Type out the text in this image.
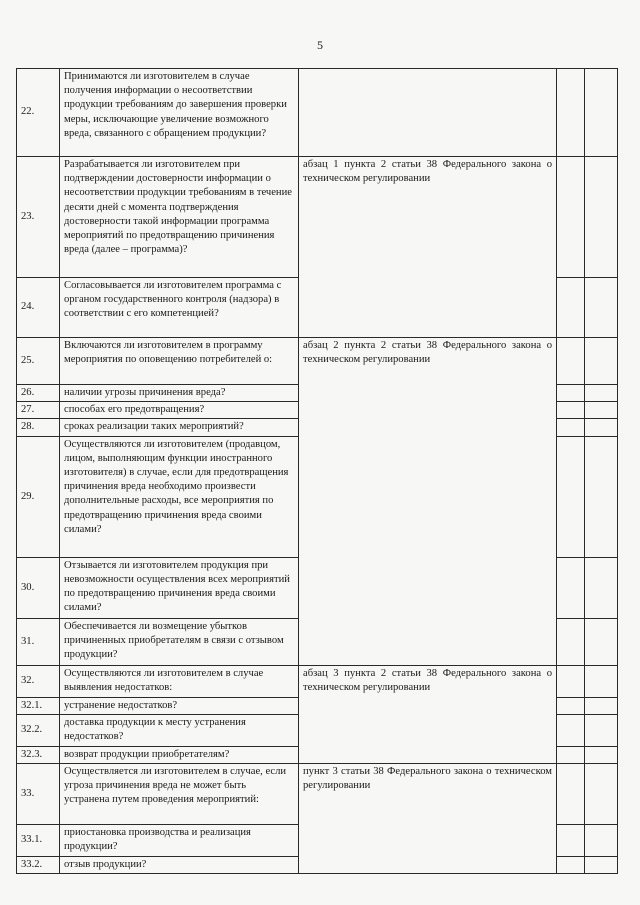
5
22.	Принимаются ли изготовителем в случае получения информации о несоответствии продукции требованиям до завершения проверки меры, исключающие увеличение возможного вреда, связанного с обращением продукции?			
23.	Разрабатывается ли изготовителем при подтверждении достоверности информации о несоответствии продукции требованиям в течение десяти дней с момента подтверждения достоверности такой информации программа мероприятий по предотвращению причинения вреда (далее – программа)?	абзац 1 пункта 2 статьи 38 Федерального закона о техническом регулировании		
24.	Согласовывается ли изготовителем программа с органом государственного контроля (надзора) в соответствии с его компетенцией?			
25.	Включаются ли изготовителем в программу мероприятия по оповещению потребителей о:	абзац 2 пункта 2 статьи 38 Федерального закона о техническом регулировании		
26.	наличии угрозы причинения вреда?			
27.	способах его предотвращения?			
28.	сроках реализации таких мероприятий?			
29.	Осуществляются ли изготовителем (продавцом, лицом, выполняющим функции иностранного изготовителя) в случае, если для предотвращения причинения вреда необходимо произвести дополнительные расходы, все мероприятия по предотвращению причинения вреда своими силами?			
30.	Отзывается ли изготовителем продукция при невозможности осуществления всех мероприятий по предотвращению причинения вреда своими силами?			
31.	Обеспечивается ли возмещение убытков причиненных приобретателям в связи с отзывом продукции?			
32.	Осуществляются ли изготовителем в случае выявления недостатков:	абзац 3 пункта 2 статьи 38 Федерального закона о техническом регулировании		
32.1.	устранение недостатков?			
32.2.	доставка продукции к месту устранения недостатков?			
32.3.	возврат продукции приобретателям?			
33.	Осуществляется ли изготовителем в случае, если угроза причинения вреда не может быть устранена путем проведения мероприятий:	пункт 3 статьи 38 Федерального закона о техническом регулировании		
33.1.	приостановка производства и реализация продукции?			
33.2.	отзыв продукции?			
